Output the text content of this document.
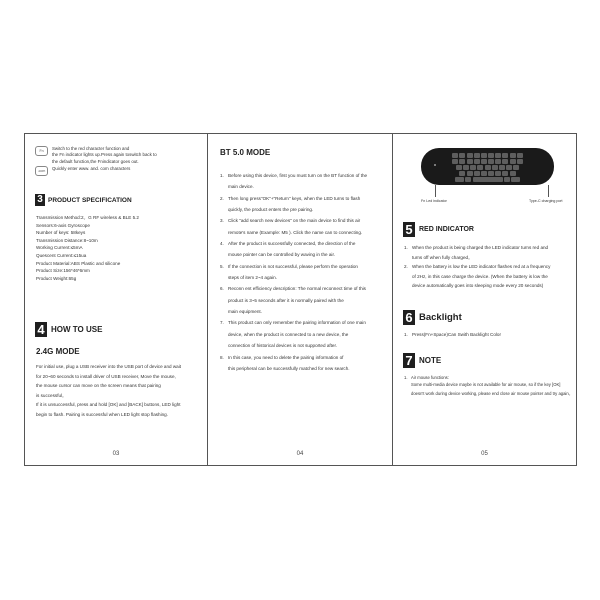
Fn	Switch to the red character function and
the Fn indicator lights up.Press again toswitch back to
the default function,the Fnindicator goes out.
.com	Quickly enter www. and. com characters
3 PRODUCT SPECIFICATION
Transmission Method:2。G RF wireless & BLE 5.2
Sensors:6-axis Gyroscope
Number of keys: 58keys
Transmission Distance:8~10m
Working Current:≤5mA
Quescent Current:≤15ua
Product Material:ABS Plastic and silicone
Product Size:156*46*6mm
Product Weight:65g
4 HOW TO USE
2.4G MODE
For initial use, plug a USB receiver into the USB port of device and wait
for 20~60 seconds to install driver of USB receiver, Move the mouse,
the mouse cursor can move on the screen means that pairing
is successful。
If it is unsuccessful, press and hold [OK] and [BACK] buttons, LED light
begin to flash. Pairing is successful when LED light stop flashing.
03
BT 5.0 MODE
1. Before using this device, first you must turn on the BT function of the
main device.
2. Then long press"OK"+"Return" keys, when the LED turns to flash
quickly, the product enters the pre pairing.
3. Click "add search new devices" on the main device to find this air
remote's name (Example: M5 ). Click the name can to connecting.
4. After the product is successfully connected, the direction of the
mouse pointer can be controlled by waving in the air.
5. If the connection is not successful, please perform the operation
steps of item 2~4 again.
6. Reconn ent efficiency description: The normal reconnect time of this
product is 3~5 seconds after it is normally paired with the
main equipment.
7. This product can only remember the pairing information of one main
device, when the product is connected to a new device, the
connection of historical devices is not supported after.
8. In this case, you need to delete the pairing information of
this peripheral can be successfully matched for new search.
04
Fn Led indicator	Type-C charging port
5 RED INDICATOR
1. When the product is being charged the LED indicator turns red and
turns off when fully charged。
2. When the battery is low the LED indicator flashes red at a frequency
of 2Hz, in this case charge the device. (When the battery is low the
device automatically goes into sleeping mode every 20 seconds)
6 Backlight
1. Press(Fn+Space)Can Swith Backlight Color
7 NOTE
1. Air mouse functions:
Some multi-media device maybe is not available for air mouse, so if the key [OK]
doesn't work during device working, please end close air mouse pointer and try again。
05
